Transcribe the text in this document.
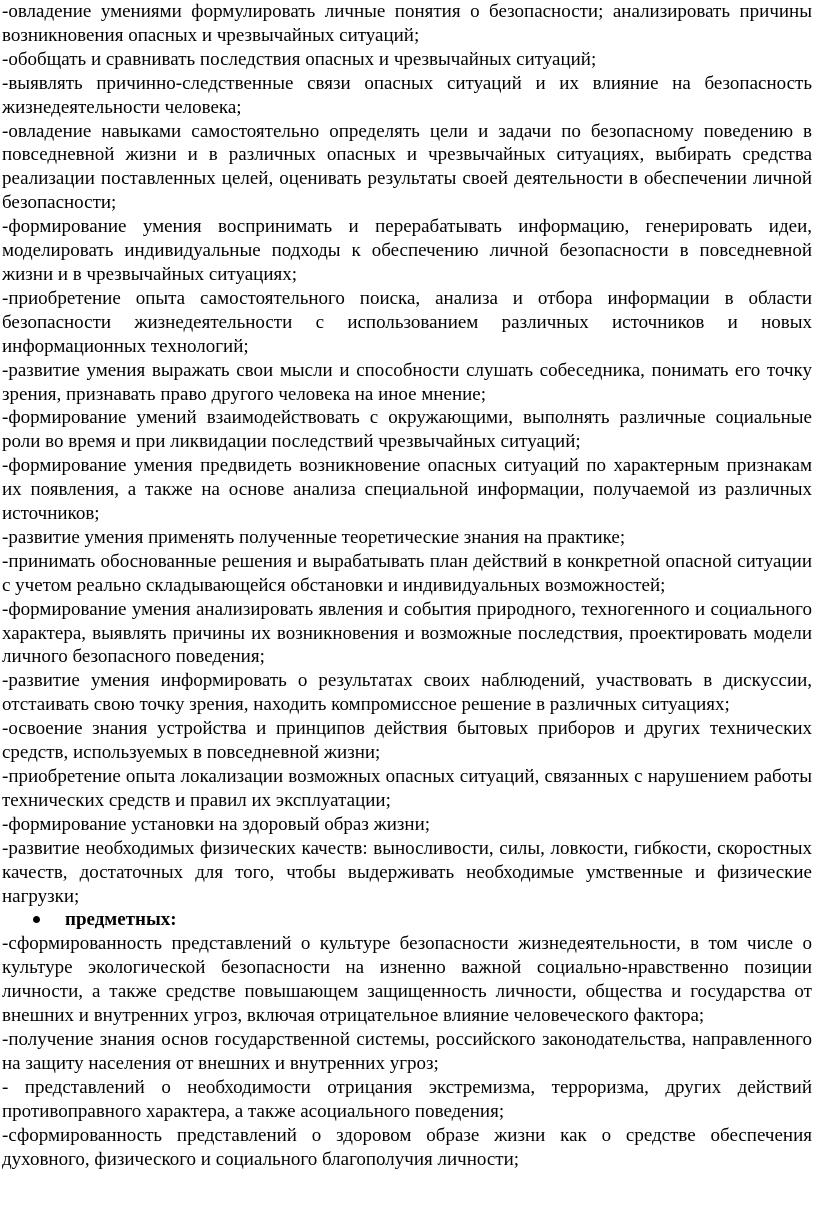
-овладение умениями формулировать личные понятия о безопасности; анализировать причины возникновения опасных и чрезвычайных ситуаций;

-обобщать и сравнивать последствия опасных и чрезвычайных ситуаций;

-выявлять причинно-следственные связи опасных ситуаций и их влияние на безопасность жизнедеятельности человека;

-овладение навыками самостоятельно определять цели и задачи по безопасному поведению в повседневной жизни и в различных опасных и чрезвычайных ситуациях, выбирать средства реализации поставленных целей, оценивать результаты своей деятельности в обеспечении личной безопасности;

-формирование умения воспринимать и перерабатывать информацию, генерировать идеи, моделировать индивидуальные подходы к обеспечению личной безопасности в повседневной жизни и в чрезвычайных ситуациях;

-приобретение опыта самостоятельного поиска, анализа и отбора информации в области безопасности жизнедеятельности с использованием различных источников и новых информационных технологий;

-развитие умения выражать свои мысли и способности слушать собеседника, понимать его точку зрения, признавать право другого человека на иное мнение;

-формирование умений взаимодействовать с окружающими, выполнять различные социальные роли во время и при ликвидации последствий чрезвычайных ситуаций;

-формирование умения предвидеть возникновение опасных ситуаций по характерным признакам их появления, а также на основе анализа специальной информации, получаемой из различных источников;

-развитие умения применять полученные теоретические знания на практике;

-принимать обоснованные решения и вырабатывать план действий в конкретной опасной ситуации с учетом реально складывающейся обстановки и индивидуальных возможностей;

-формирование умения анализировать явления и события природного, техногенного и социального характера, выявлять причины их возникновения и возможные последствия, проектировать модели личного безопасного поведения;

-развитие умения информировать о результатах своих наблюдений, участвовать в дискуссии, отстаивать свою точку зрения, находить компромиссное решение в различных ситуациях;

-освоение знания устройства и принципов действия бытовых приборов и других технических средств, используемых в повседневной жизни;

-приобретение опыта локализации возможных опасных ситуаций, связанных с нарушением работы технических средств и правил их эксплуатации;

-формирование установки на здоровый образ жизни;

-развитие необходимых физических качеств: выносливости, силы, ловкости, гибкости, скоростных качеств, достаточных для того, чтобы выдерживать необходимые умственные и физические нагрузки;

предметных:

-сформированность представлений о культуре безопасности жизнедеятельности, в том числе о культуре экологической безопасности на изненно важной социально-нравственно позиции личности, а также средстве повышающем защищенность личности, общества и государства от внешних и внутренних угроз, включая отрицательное влияние человеческого фактора;

-получение знания основ государственной системы, российского законодательства, направленного на защиту населения от внешних и внутренних угроз;

- представлений о необходимости отрицания экстремизма, терроризма, других действий противоправного характера, а также асоциального поведения;

-сформированность представлений о здоровом образе жизни как о средстве обеспечения духовного, физического и социального благополучия личности;
